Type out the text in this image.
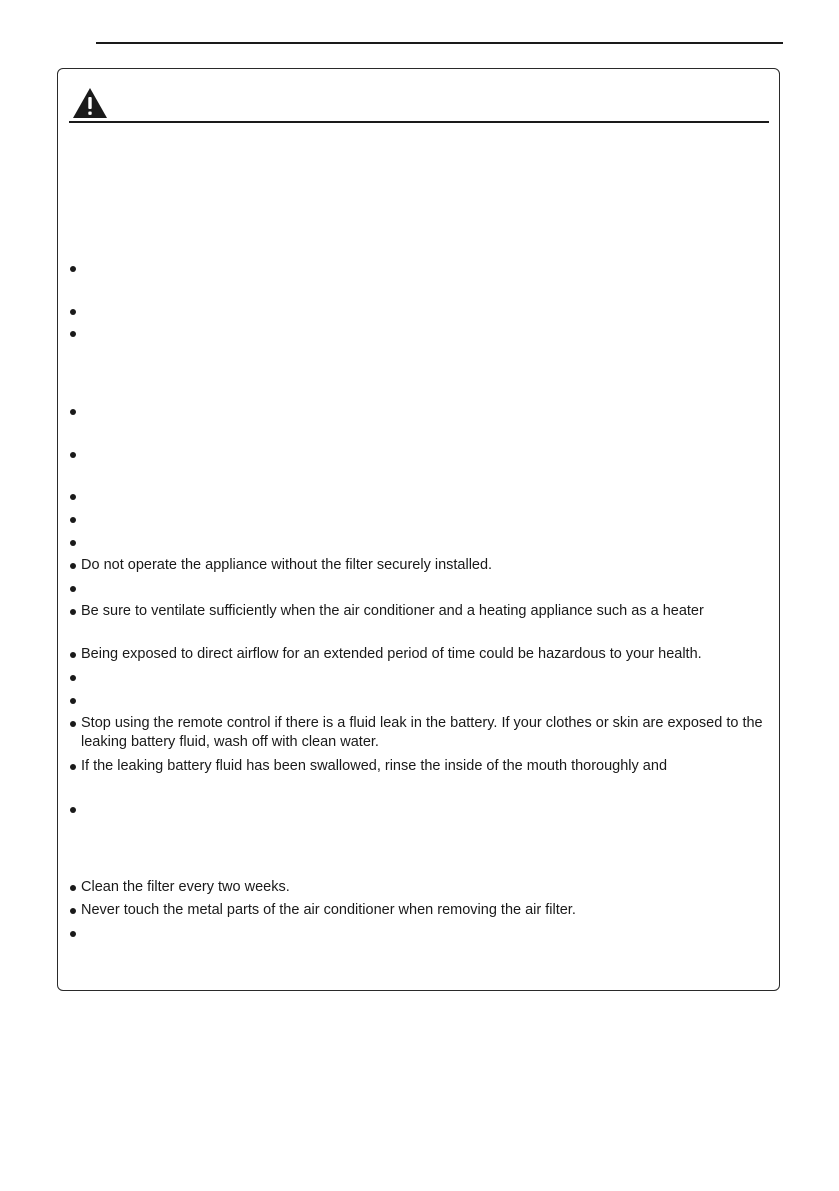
Do not operate the appliance without the filter securely installed.
Be sure to ventilate sufficiently when the air conditioner and a heating appliance such as a heater
Being exposed to direct airflow for an extended period of time could be hazardous to your health.
Stop using the remote control if there is a fluid leak in the battery. If your clothes or skin are exposed to the leaking battery fluid, wash off with clean water.
If the leaking battery fluid has been swallowed, rinse the inside of the mouth thoroughly and
Clean the filter every two weeks.
Never touch the metal parts of the air conditioner when removing the air filter.
